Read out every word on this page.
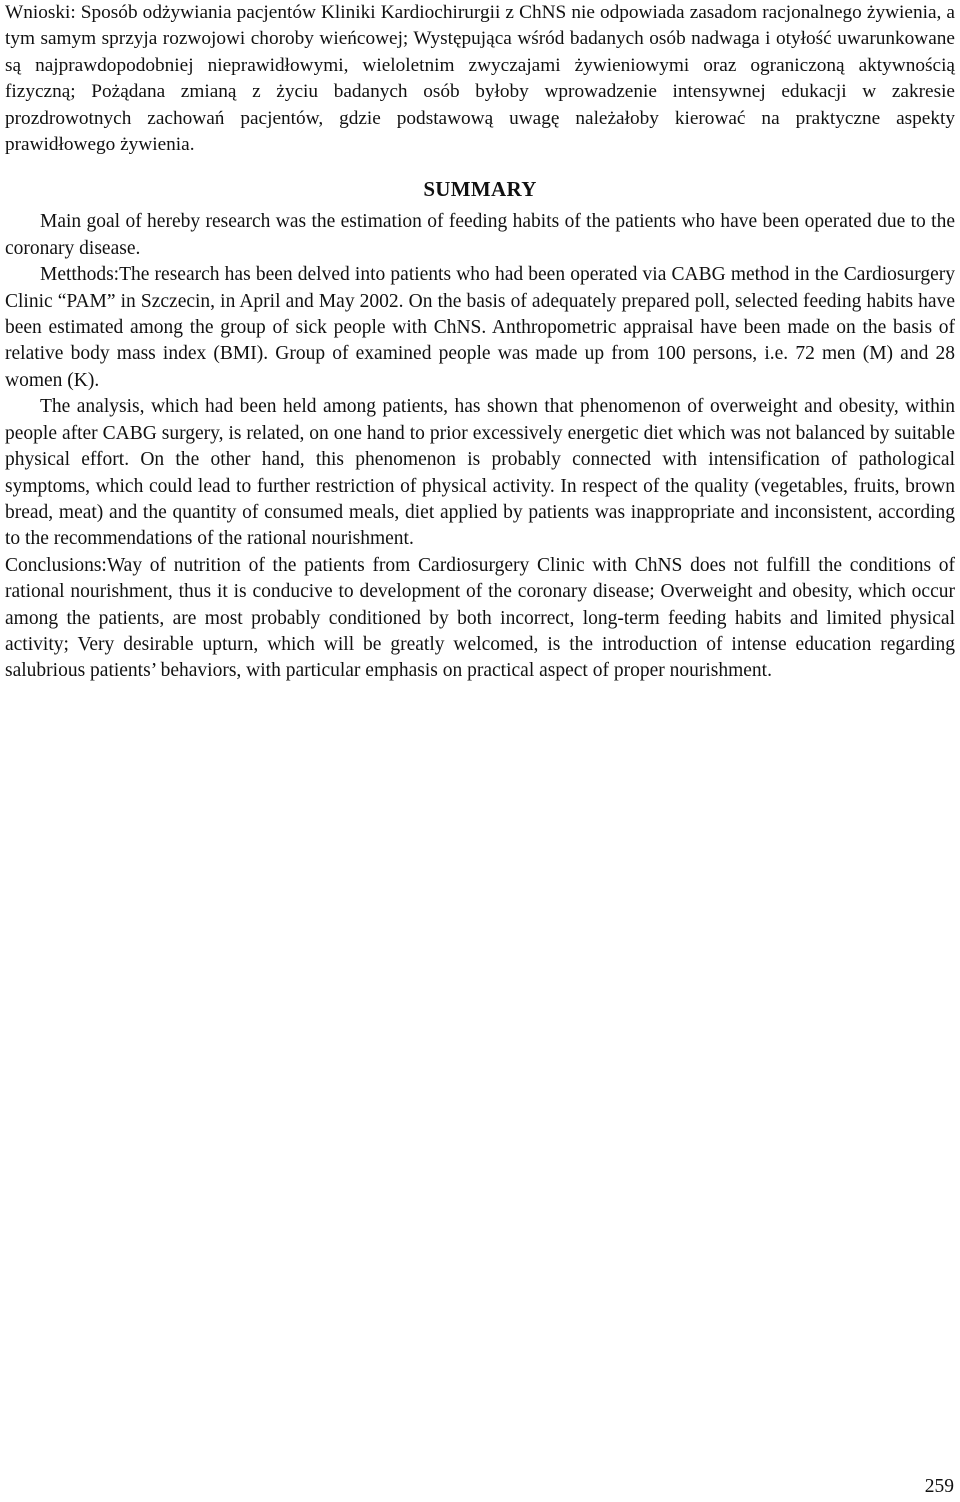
Wnioski: Sposób odżywiania pacjentów Kliniki Kardiochirurgii z ChNS nie odpowiada zasadom racjonalnego żywienia, a tym samym sprzyja rozwojowi choroby wieńcowej; Występująca wśród badanych osób nadwaga i otyłość uwarunkowane są najprawdopodobniej nieprawidłowymi, wieloletnim zwyczajami żywieniowymi oraz ograniczoną aktywnością fizyczną; Pożądana zmianą z życiu badanych osób byłoby wprowadzenie intensywnej edukacji w zakresie prozdrowotnych zachowań pacjentów, gdzie podstawową uwagę należałoby kierować na praktyczne aspekty prawidłowego żywienia.

SUMMARY

Main goal of hereby research was the estimation of feeding habits of the patients who have been operated due to the coronary disease.

Metthods:The research has been delved into patients who had been operated via CABG method in the Cardiosurgery Clinic “PAM” in Szczecin, in April and May 2002. On the basis of adequately prepared poll, selected feeding habits have been estimated among the group of sick people with ChNS. Anthropometric appraisal have been made on the basis of relative body mass index (BMI). Group of examined people was made up from 100 persons, i.e. 72 men (M) and 28 women (K).

The analysis, which had been held among patients, has shown that phenomenon of overweight and obesity, within people after CABG surgery, is related, on one hand to prior excessively energetic diet which was not balanced by suitable physical effort. On the other hand, this phenomenon is probably connected with intensification of pathological symptoms, which could lead to further restriction of physical activity. In respect of the quality (vegetables, fruits, brown bread, meat) and the quantity of consumed meals, diet applied by patients was inappropriate and inconsistent, according to the recommendations of the rational nourishment.

Conclusions:Way of nutrition of the patients from Cardiosurgery Clinic with ChNS does not fulfill the conditions of rational nourishment, thus it is conducive to development of the coronary disease; Overweight and obesity, which occur among the patients, are most probably conditioned by both incorrect, long-term feeding habits and limited physical activity; Very desirable upturn, which will be greatly welcomed, is the introduction of intense education regarding salubrious patients’ behaviors, with particular emphasis on practical aspect of proper nourishment.

259
